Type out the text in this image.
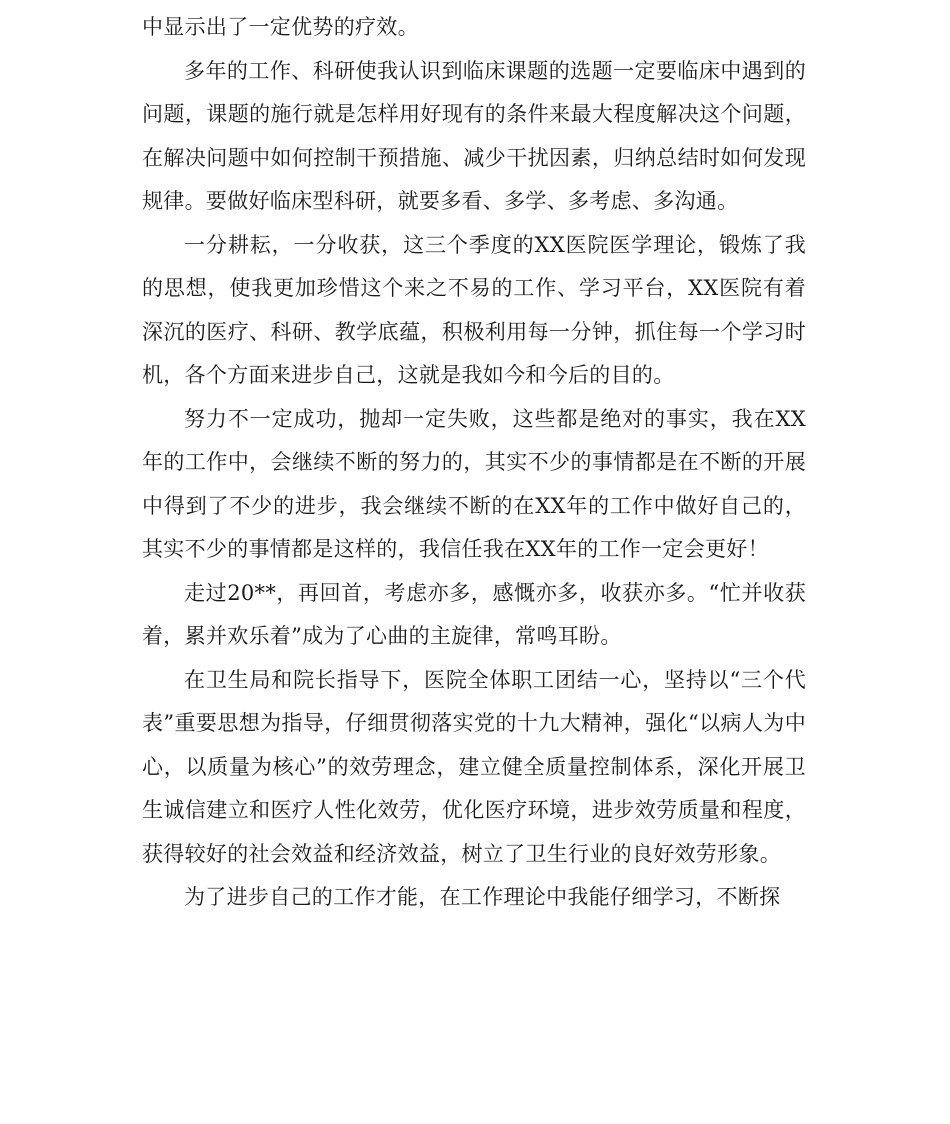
中显示出了一定优势的疗效。

多年的工作、科研使我认识到临床课题的选题一定要临床中遇到的问题，课题的施行就是怎样用好现有的条件来最大程度解决这个问题，在解决问题中如何控制干预措施、减少干扰因素，归纳总结时如何发现规律。要做好临床型科研，就要多看、多学、多考虑、多沟通。

一分耕耘，一分收获，这三个季度的XX医院医学理论，锻炼了我的思想，使我更加珍惜这个来之不易的工作、学习平台，XX医院有着深沉的医疗、科研、教学底蕴，积极利用每一分钟，抓住每一个学习时机，各个方面来进步自己，这就是我如今和今后的目的。

努力不一定成功，抛却一定失败，这些都是绝对的事实，我在XX年的工作中，会继续不断的努力的，其实不少的事情都是在不断的开展中得到了不少的进步，我会继续不断的在XX年的工作中做好自己的，其实不少的事情都是这样的，我信任我在XX年的工作一定会更好！

走过20**，再回首，考虑亦多，感慨亦多，收获亦多。“忙并收获着，累并欢乐着”成为了心曲的主旋律，常鸣耳盼。

在卫生局和院长指导下，医院全体职工团结一心，坚持以“三个代表”重要思想为指导，仔细贯彻落实党的十九大精神，强化“以病人为中心，以质量为核心”的效劳理念，建立健全质量控制体系，深化开展卫生诚信建立和医疗人性化效劳，优化医疗环境，进步效劳质量和程度，获得较好的社会效益和经济效益，树立了卫生行业的良好效劳形象。

为了进步自己的工作才能，在工作理论中我能仔细学习，不断探
